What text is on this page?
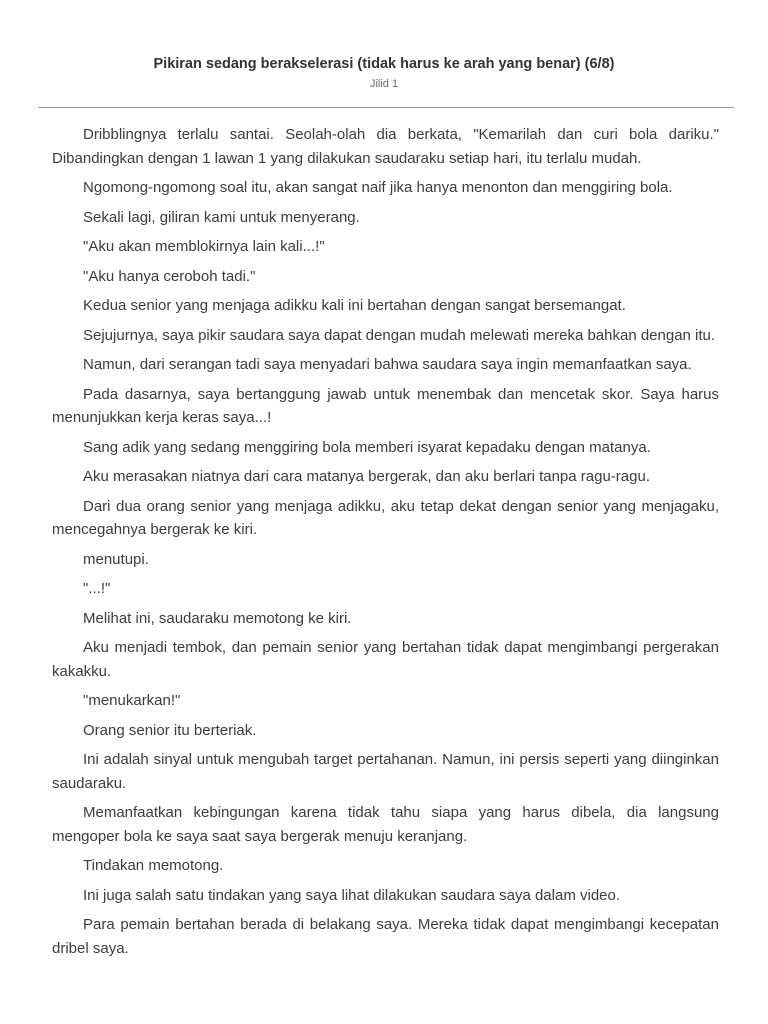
Pikiran sedang berakselerasi (tidak harus ke arah yang benar) (6/8)
Jilid 1

Dribblingnya terlalu santai. Seolah-olah dia berkata, "Kemarilah dan curi bola dariku." Dibandingkan dengan 1 lawan 1 yang dilakukan saudaraku setiap hari, itu terlalu mudah.

Ngomong-ngomong soal itu, akan sangat naif jika hanya menonton dan menggiring bola.

Sekali lagi, giliran kami untuk menyerang.

"Aku akan memblokirnya lain kali...!"

"Aku hanya ceroboh tadi."

Kedua senior yang menjaga adikku kali ini bertahan dengan sangat bersemangat.

Sejujurnya, saya pikir saudara saya dapat dengan mudah melewati mereka bahkan dengan itu.

Namun, dari serangan tadi saya menyadari bahwa saudara saya ingin memanfaatkan saya.

Pada dasarnya, saya bertanggung jawab untuk menembak dan mencetak skor. Saya harus menunjukkan kerja keras saya...!

Sang adik yang sedang menggiring bola memberi isyarat kepadaku dengan matanya.

Aku merasakan niatnya dari cara matanya bergerak, dan aku berlari tanpa ragu-ragu.

Dari dua orang senior yang menjaga adikku, aku tetap dekat dengan senior yang menjagaku, mencegahnya bergerak ke kiri.

menutupi.

"...!"

Melihat ini, saudaraku memotong ke kiri.

Aku menjadi tembok, dan pemain senior yang bertahan tidak dapat mengimbangi pergerakan kakakku.

"menukarkan!"

Orang senior itu berteriak.

Ini adalah sinyal untuk mengubah target pertahanan. Namun, ini persis seperti yang diinginkan saudaraku.

Memanfaatkan kebingungan karena tidak tahu siapa yang harus dibela, dia langsung mengoper bola ke saya saat saya bergerak menuju keranjang.

Tindakan memotong.

Ini juga salah satu tindakan yang saya lihat dilakukan saudara saya dalam video.

Para pemain bertahan berada di belakang saya. Mereka tidak dapat mengimbangi kecepatan dribel saya.
